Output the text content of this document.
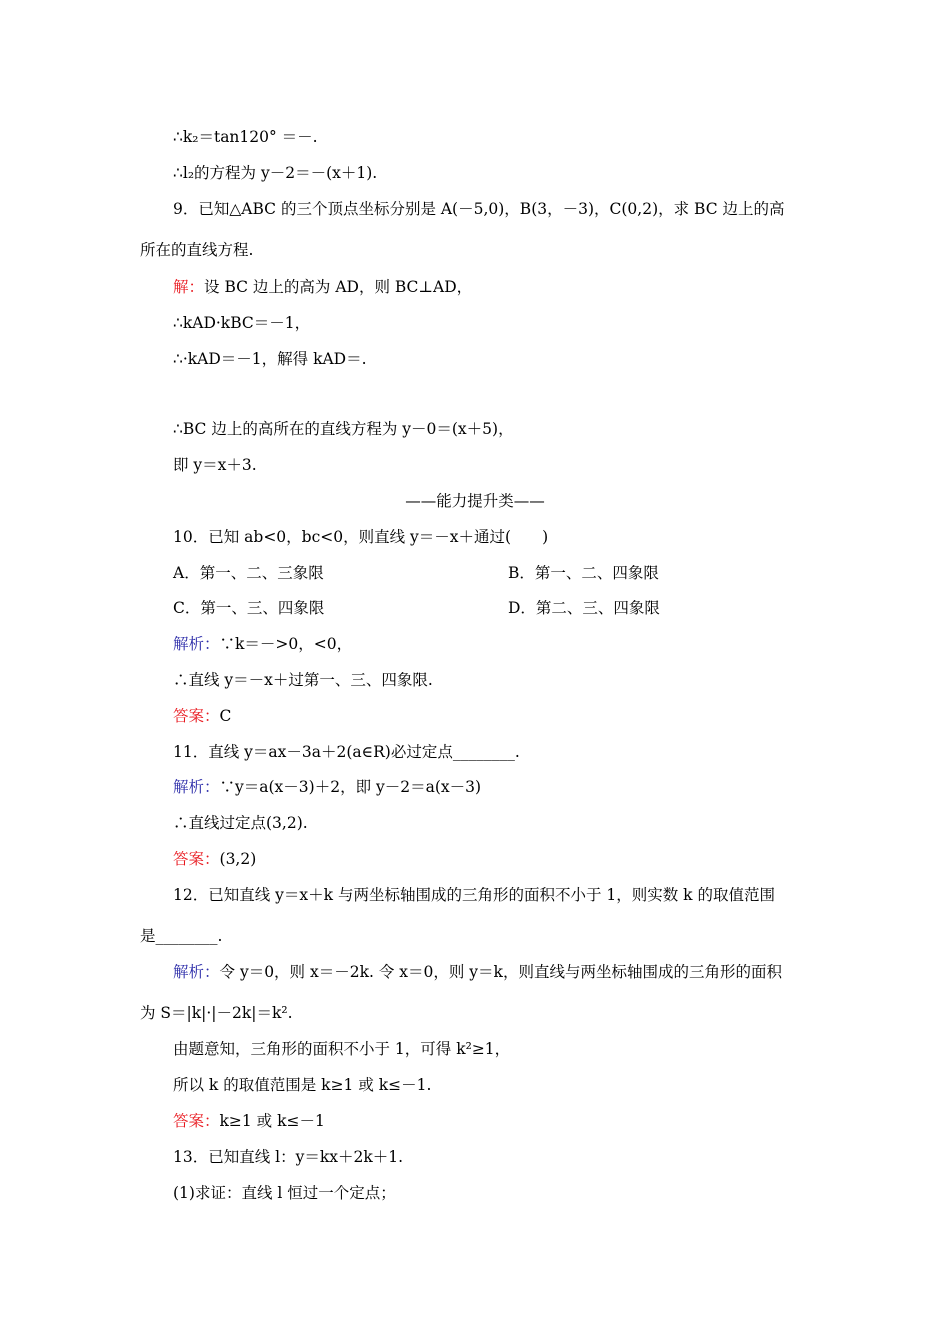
∴k₂＝tan120° ＝－.
∴l₂的方程为 y－2＝－(x＋1).
9．已知△ABC 的三个顶点坐标分别是 A(－5,0)，B(3，－3)，C(0,2)，求 BC 边上的高
所在的直线方程.
解：设 BC 边上的高为 AD，则 BC⊥AD，
∴kAD·kBC＝－1，
∴·kAD＝－1，解得 kAD＝.
∴BC 边上的高所在的直线方程为 y－0＝(x＋5)，
即 y＝x＋3.
——能力提升类——
10．已知 ab<0，bc<0，则直线 y＝－x＋通过(　　)
A．第一、二、三象限	B．第一、二、四象限
C．第一、三、四象限	D．第二、三、四象限
解析：∵k＝－>0，<0，
∴直线 y＝－x＋过第一、三、四象限.
答案：C
11．直线 y＝ax－3a＋2(a∈R)必过定点________.
解析：∵y＝a(x－3)＋2，即 y－2＝a(x－3)
∴直线过定点(3,2).
答案：(3,2)
12．已知直线 y＝x＋k 与两坐标轴围成的三角形的面积不小于 1，则实数 k 的取值范围
是________.
解析：令 y＝0，则 x＝－2k. 令 x＝0，则 y＝k，则直线与两坐标轴围成的三角形的面积
为 S＝|k|·|－2k|＝k².
由题意知，三角形的面积不小于 1，可得 k²≥1，
所以 k 的取值范围是 k≥1 或 k≤－1.
答案：k≥1 或 k≤－1
13．已知直线 l：y＝kx＋2k＋1.
(1)求证：直线 l 恒过一个定点；
